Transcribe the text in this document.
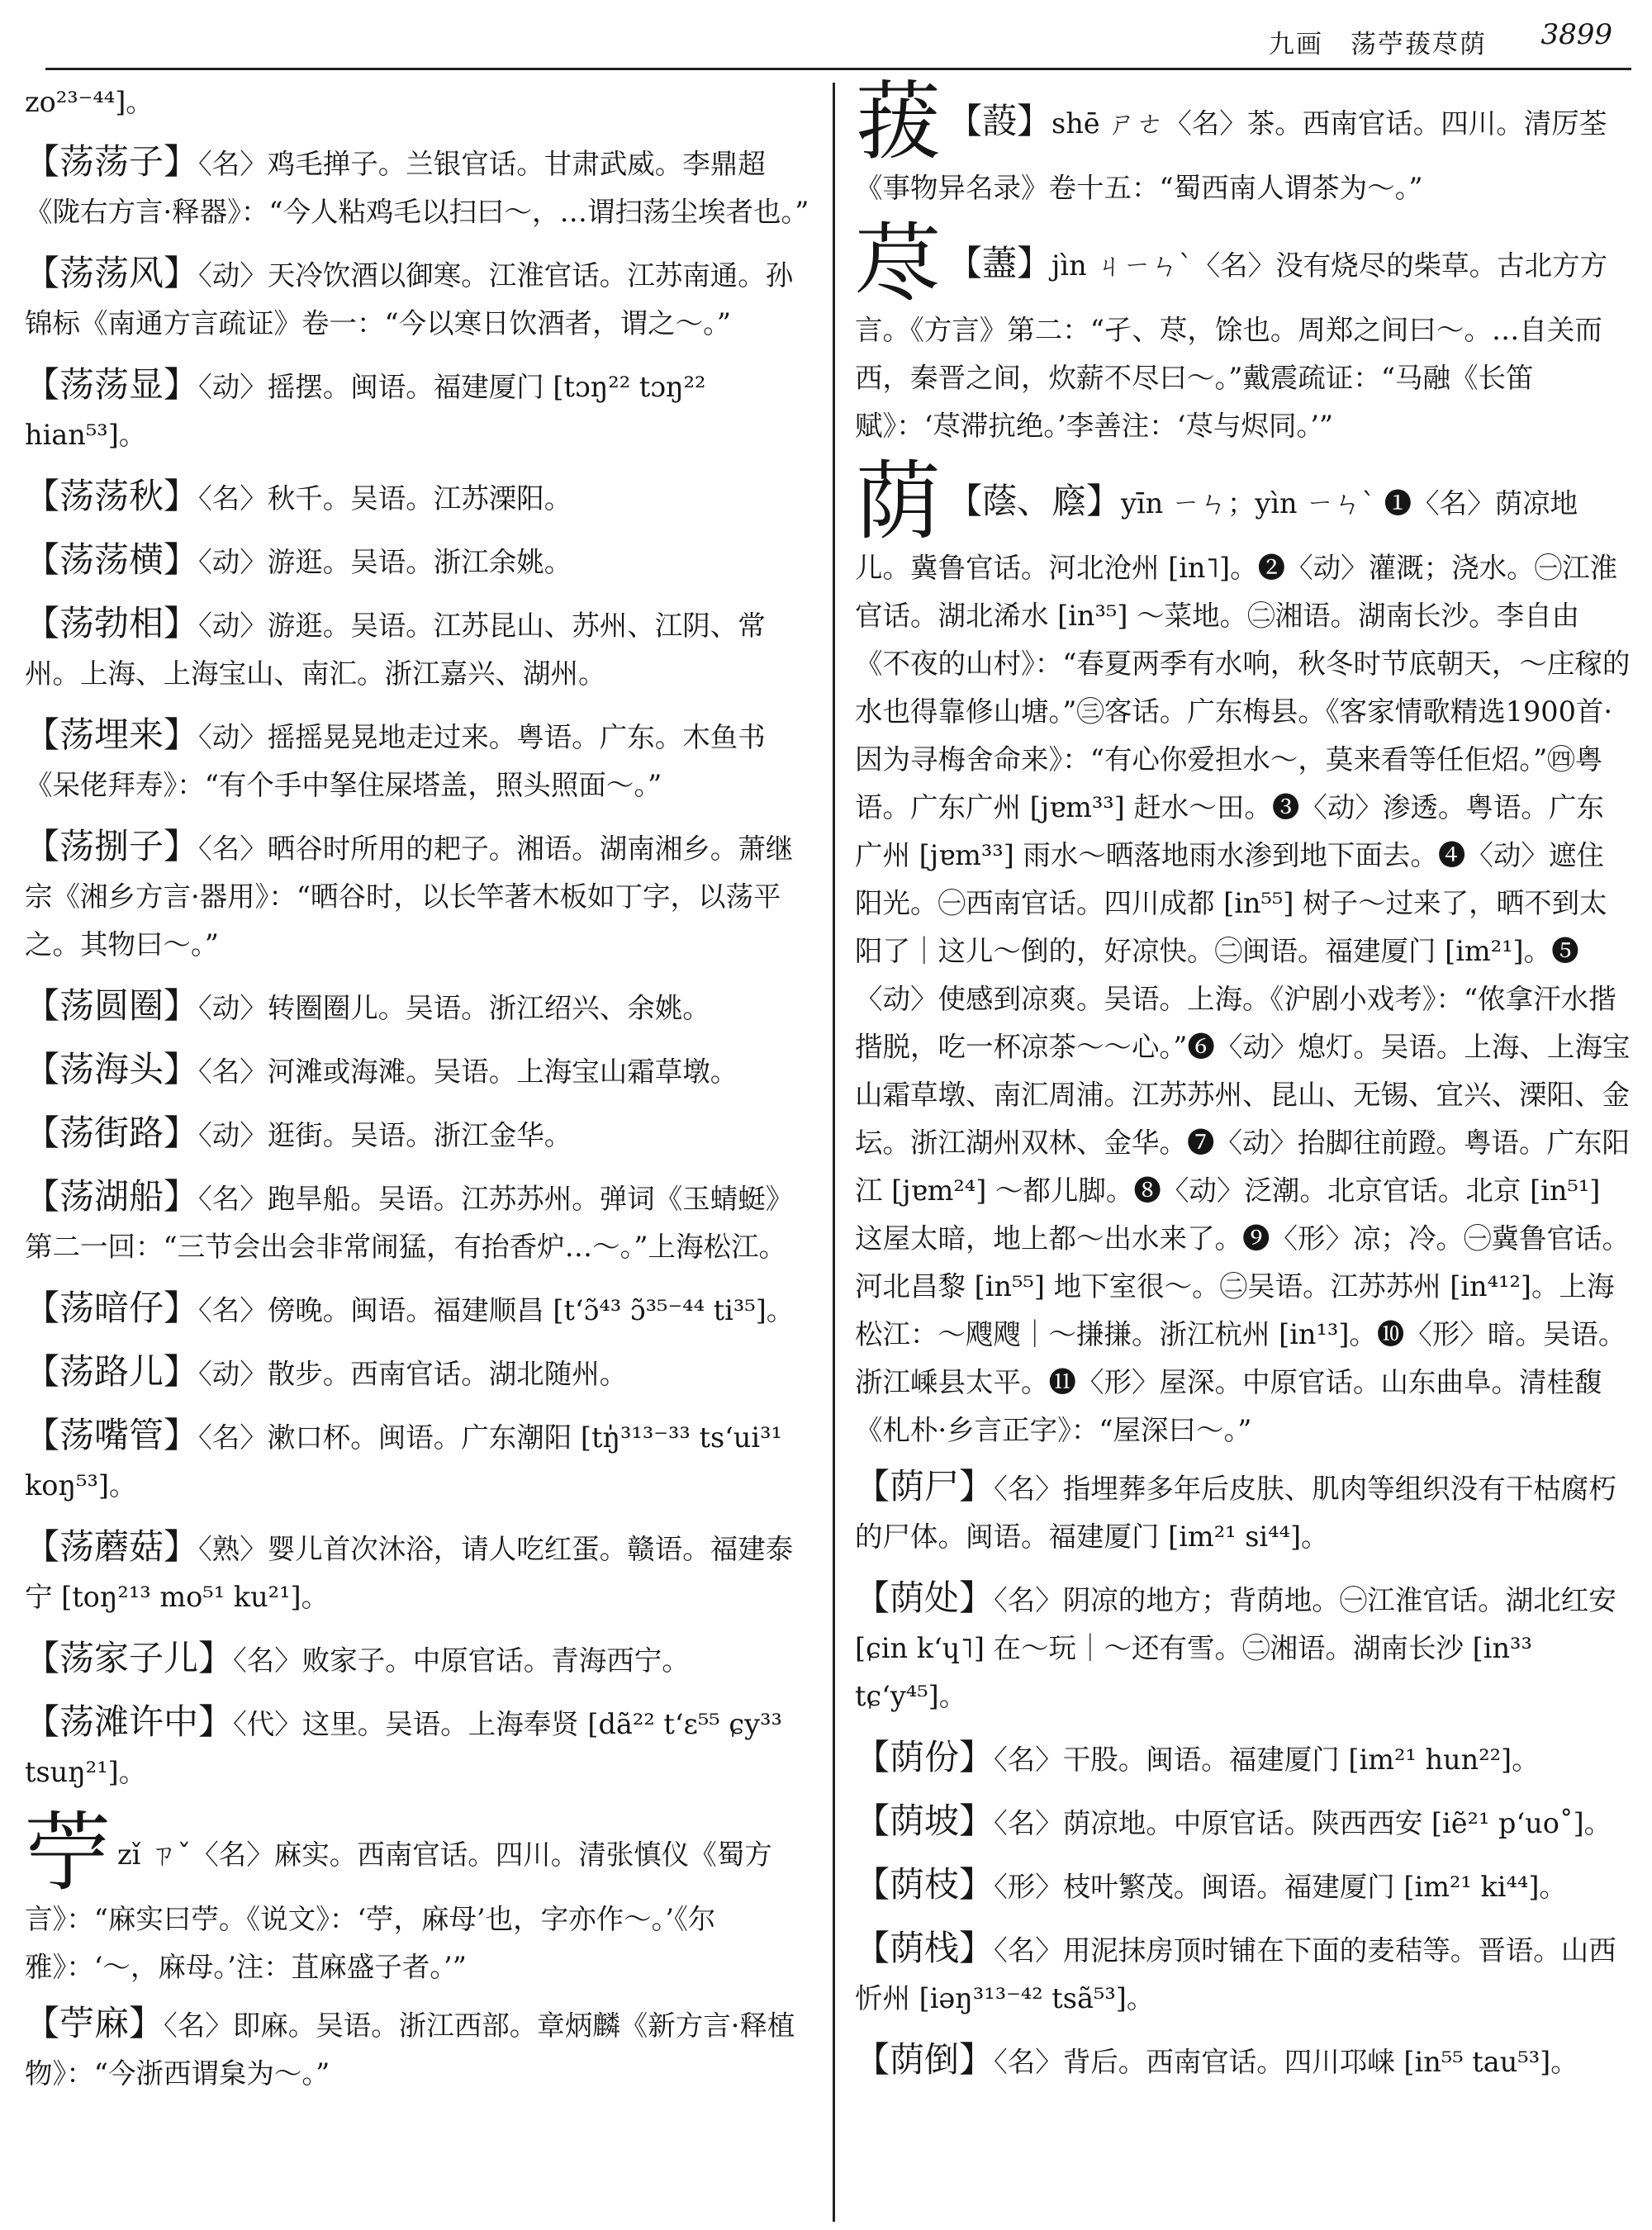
九画　荡苧菝荩荫 3899
zo²³⁻⁴⁴]。
【荡荡子】〈名〉鸡毛掸子。兰银官话。甘肃武威。李鼎超《陇右方言·释器》：“今人粘鸡毛以扫曰～，…谓扫荡尘埃者也。”
【荡荡风】〈动〉天冷饮酒以御寒。江淮官话。江苏南通。孙锦标《南通方言疏证》卷一：“今以寒日饮酒者，谓之～。”
【荡荡显】〈动〉摇摆。闽语。福建厦门 [tɔŋ²² tɔŋ²² hian⁵³]。
【荡荡秋】〈名〉秋千。吴语。江苏溧阳。
【荡荡横】〈动〉游逛。吴语。浙江余姚。
【荡勃相】〈动〉游逛。吴语。江苏昆山、苏州、江阴、常州。上海、上海宝山、南汇。浙江嘉兴、湖州。
【荡埋来】〈动〉摇摇晃晃地走过来。粤语。广东。木鱼书《呆佬拜寿》：“有个手中拏住屎塔盖，照头照面～。”
【荡捌子】〈名〉晒谷时所用的耙子。湘语。湖南湘乡。萧继宗《湘乡方言·器用》：“晒谷时，以长竿著木板如丁字，以荡平之。其物曰～。”
【荡圆圈】〈动〉转圈圈儿。吴语。浙江绍兴、余姚。
【荡海头】〈名〉河滩或海滩。吴语。上海宝山霜草墩。
【荡街路】〈动〉逛街。吴语。浙江金华。
【荡湖船】〈名〉跑旱船。吴语。江苏苏州。弹词《玉蜻蜓》第二一回：“三节会出会非常闹猛，有抬香炉…～。”上海松江。
【荡暗仔】〈名〉傍晚。闽语。福建顺昌 [tʻɔ̃⁴³ ɔ̃³⁵⁻⁴⁴ ti³⁵]。
【荡路儿】〈动〉散步。西南官话。湖北随州。
【荡嘴管】〈名〉漱口杯。闽语。广东潮阳 [tŋ̍³¹³⁻³³ tsʻui³¹ koŋ⁵³]。
【荡蘑菇】〈熟〉婴儿首次沐浴，请人吃红蛋。赣语。福建泰宁 [toŋ²¹³ mo⁵¹ ku²¹]。
【荡家子儿】〈名〉败家子。中原官话。青海西宁。
【荡滩许中】〈代〉这里。吴语。上海奉贤 [dã²² tʻɛ⁵⁵ ɕy³³ tsuŋ²¹]。
苧zǐ ㄗˇ〈名〉麻实。西南官话。四川。清张慎仪《蜀方言》：“麻实曰苧。《说文》：‘苧，麻母’也，字亦作～。’《尔雅》：‘～，麻母。’注：苴麻盛子者。’”
【苧麻】〈名〉即麻。吴语。浙江西部。章炳麟《新方言·释植物》：“今浙西谓枲为～。”
菝 【蔎】shē ㄕㄜ〈名〉茶。西南官话。四川。清厉荃《事物异名录》卷十五：“蜀西南人谓茶为～。”
荩 【藎】jìn ㄐㄧㄣˋ〈名〉没有烧尽的柴草。古北方方言。《方言》第二：“孑、荩，馀也。周郑之间曰～。…自关而西，秦晋之间，炊薪不尽曰～。”戴震疏证：“马融《长笛赋》：‘荩滞抗绝。’李善注：‘荩与烬同。’”
荫 【蔭、廕】yīn ㄧㄣ；yìn ㄧㄣˋ ❶〈名〉荫凉地儿。冀鲁官话。河北沧州 [in˥]。❷〈动〉灌溉；浇水。㊀江淮官话。湖北浠水 [in³⁵] ～菜地。㊁湘语。湖南长沙。李自由《不夜的山村》：“春夏两季有水响，秋冬时节底朝天，～庄稼的水也得靠修山塘。”㊂客话。广东梅县。《客家情歌精选1900首·因为寻梅舍命来》：“有心你爱担水～，莫来看等任佢炤。”㊃粤语。广东广州 [jɐm³³] 赶水～田。❸〈动〉渗透。粤语。广东广州 [jɐm³³] 雨水～晒落地雨水渗到地下面去。❹〈动〉遮住阳光。㊀西南官话。四川成都 [in⁵⁵] 树子～过来了，晒不到太阳了｜这儿～倒的，好凉快。㊁闽语。福建厦门 [im²¹]。❺〈动〉使感到凉爽。吴语。上海。《沪剧小戏考》：“侬拿汗水揩揩脱，吃一杯凉茶～～心。”❻〈动〉熄灯。吴语。上海、上海宝山霜草墩、南汇周浦。江苏苏州、昆山、无锡、宜兴、溧阳、金坛。浙江湖州双林、金华。❼〈动〉抬脚往前蹬。粤语。广东阳江 [jɐm²⁴] ～都儿脚。❽〈动〉泛潮。北京官话。北京 [in⁵¹] 这屋太暗，地上都～出水来了。❾〈形〉凉；冷。㊀冀鲁官话。河北昌黎 [in⁵⁵] 地下室很～。㊁吴语。江苏苏州 [in⁴¹²]。上海松江：～飕飕｜～搛搛。浙江杭州 [in¹³]。❿〈形〉暗。吴语。浙江嵊县太平。⓫〈形〉屋深。中原官话。山东曲阜。清桂馥《札朴·乡言正字》：“屋深曰～。”
【荫尸】〈名〉指埋葬多年后皮肤、肌肉等组织没有干枯腐朽的尸体。闽语。福建厦门 [im²¹ si⁴⁴]。
【荫处】〈名〉阴凉的地方；背荫地。㊀江淮官话。湖北红安 [ɕin kʻɥ˥] 在～玩｜～还有雪。㊁湘语。湖南长沙 [in³³ tɕʻy⁴⁵]。
【荫份】〈名〉干股。闽语。福建厦门 [im²¹ hun²²]。
【荫坡】〈名〉荫凉地。中原官话。陕西西安 [iẽ²¹ pʻuo˚]。
【荫枝】〈形〉枝叶繁茂。闽语。福建厦门 [im²¹ ki⁴⁴]。
【荫栈】〈名〉用泥抹房顶时铺在下面的麦秸等。晋语。山西忻州 [iəŋ³¹³⁻⁴² tsã⁵³]。
【荫倒】〈名〉背后。西南官话。四川邛崃 [in⁵⁵ tau⁵³]。
